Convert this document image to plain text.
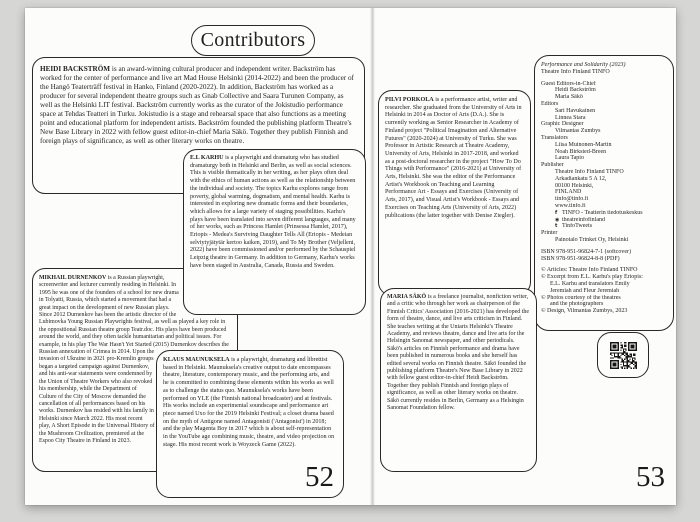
Contributors

HEIDI BACKSTRÖM is an award-winning cultural producer and independent writer. Backström has worked for the center of performance and live art Mad House Helsinki (2014-2022) and been the producer of the Hangö Teaterträff festival in Hanko, Finland (2020-2022). In addition, Backström has worked as a producer for several independent theatre groups such as Gnab Collective and Saara Turunen Company, as well as the Helsinki LIT festival. Backström currently works as the curator of the Jokistudio performance space at Tehdas Teatteri in Turku. Jokistudio is a stage and rehearsal space that also functions as a meeting point and educational platform for independent artists. Backström founded the publishing platform Theatre's New Base Library in 2022 with fellow guest editor-in-chief Maria Säkö. Together they publish Finnish and foreign plays of significance, as well as other literary works on theatre.

E.L KARHU is a playwright and dramaturg who has studied dramaturgy both in Helsinki and Berlin, as well as social sciences. This is visible thematically in her writing, as her plays often deal with the ethics of human actions as well as the relationship between the individual and society. The topics Karhu explores range from poverty, global warming, dogmatism, and mental health. Karhu is interested in exploring new dramatic forms and their boundaries, which allows for a large variety of staging possibilities. Karhu's plays have been translated into seven different languages, and many of her works, such as Princess Hamlet (Prinsessa Hamlet, 2017), Eriopis - Medea's Surviving Daughter Tells All (Eriopis - Medeian selviytyjätytär kertoo kaiken, 2019), and To My Brother (Veljelleni, 2022) have been commissioned and/or performed by the Schauspiel Leipzig theatre in Germany. In addition to Germany, Karhu's works have been staged in Australia, Canada, Russia and Sweden.

MIKHAIL DURNENKOV is a Russian playwright, screenwriter and lecturer currently residing in Helsinki. In 1995 he was one of the founders of a school for new drama in Tolyatti, Russia, which started a movement that had a great impact on the development of new Russian plays. Since 2012 Durnenkov has been the artistic director of the Lubimovka Young Russian Playwrights festival, as well as played a key role in the oppositional Russian theatre group Teatr.doc. His plays have been produced around the world, and they often tackle humanitarian and political issues. For example, in his play The War Hasn't Yet Started (2015) Durnenkov describes the Russian annexation of Crimea in 2014. Upon the invasion of Ukraine in 2021 pro-Kremlin groups began a targeted campaign against Durnenkov, and his anti-war statements were condemned by the Union of Theatre Workers who also revoked his membership, while the Department of Culture of the City of Moscow demanded the cancellation of all performances based on his works. Durnenkov has resided with his family in Helsinki since March 2022. His most recent play, A Short Episode in the Universal History of the Mushroom Civilization, premiered at the Espoo City Theatre in Finland in 2023.

KLAUS MAUNUKSELA is a playwright, dramaturg and librettist based in Helsinki. Maunuksela's creative output to date encompasses theatre, literature, contemporary music, and the performing arts, and he is committed to combining these elements within his works as well as to challenge the status quo. Maunuksela's works have been performed on YLE (the Finnish national broadcaster) and at festivals. His works include an experimental soundscape and performance art piece named Uxo for the 2019 Helsinki Festival; a closet drama based on the myth of Antigone named Antagonisti ('Antagonist') in 2018; and the play Magenta Boy in 2017 which is about self-representation in the YouTube age combining music, theatre, and video projection on stage. His most recent work is Woyzeck Game (2022).

52

PILVI PORKOLA is a performance artist, writer and researcher. She graduated from the University of Arts in Helsinki in 2014 as Doctor of Arts (D.A.). She is currently working as Senior Researcher in Academy of Finland project "Political Imagination and Alternative Futures" (2020-2024) at University of Turku. She was Professor in Artistic Research at Theatre Academy, University of Arts, Helsinki in 2017-2018, and worked as a post-doctoral researcher in the project "How To Do Things with Performance" (2016-2021) at University of Arts, Helsinki. She was the editor of the Performance Artist's Workbook on Teaching and Learning Performance Art - Essays and Exercises (University of Arts, 2017), and Visual Artist's Workbook - Essays and Exercises on Teaching Arts (University of Arts, 2022) publications (the latter together with Denise Ziegler).

MARIA SÄKÖ is a freelance journalist, nonfiction writer, and a critic who through her work as chairperson of the Finnish Critics' Association (2016-2021) has developed the form of theatre, dance, and live arts criticism in Finland. She teaches writing at the Uniarts Helsinki's Theatre Academy, and reviews theatre, dance and live arts for the Helsingin Sanomat newspaper, and other periodicals. Säkö's articles on Finnish performance and drama have been published in numerous books and she herself has edited several works on Finnish theatre. Säkö founded the publishing platform Theatre's New Base Library in 2022 with fellow guest editor-in-chief Heidi Backström. Together they publish Finnish and foreign plays of significance, as well as other literary works on theatre. Säkö currently resides in Berlin, Germany as a Helsingin Sanomat Foundation fellow.

Performance and Solidarity (2023)
Theatre Info Finland TINFO
Guest Editors-in-Chief
Heidi Backström
Maria Säkö
Editors
Sari Havukainen
Linnea Stara
Graphic Designer
Vilmantas Žumbys
Translators
Liisa Muinonen-Martin
Noah Birksted-Breen
Laura Tapio
Publisher
Theatre Info Finland TINFO
Arkadiankatu 5 A 12,
00100 Helsinki,
FINLAND
tinfo@tinfo.fi
www.tinfo.fi
f TINFO - Teatterin tiedotuskeskus
◉ theatreinfofinland
t TinfoTweets
Printer
Painotalo Trinket Oy, Helsinki
ISBN 978-951-96824-7-1 (softcover)
ISBN 978-951-96824-8-8 (PDF)
© Articles: Theatre Info Finland TINFO
© Excerpt from E.L. Karhu's play Eriopis:
E.L. Karhu and translators Emily
Jeremiah and Fleur Jeremiah
© Photos courtesy of the theatres
and the photographers
© Design, Vilmantas Žumbys, 2023
53
